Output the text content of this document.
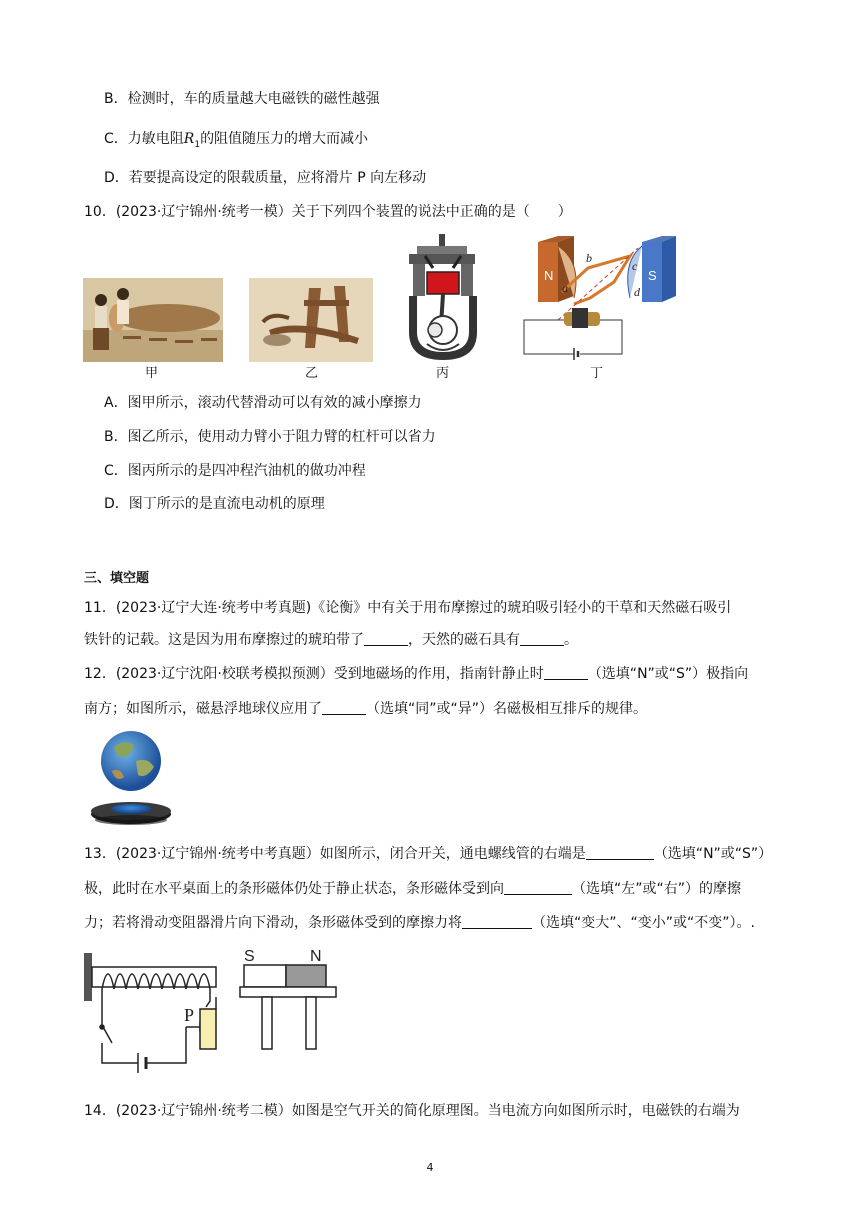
B．检测时，车的质量越大电磁铁的磁性越强
C．力敏电阻$R_1$的阻值随压力的增大而减小
D．若要提高设定的限载质量，应将滑片 P 向左移动
10．(2023·辽宁锦州·统考一模）关于下列四个装置的说法中正确的是（　　）
甲	乙	丙
N	S
a
b
c
d
丁
A．图甲所示，滚动代替滑动可以有效的减小摩擦力
B．图乙所示，使用动力臂小于阻力臂的杠杆可以省力
C．图丙所示的是四冲程汽油机的做功冲程
D．图丁所示的是直流电动机的原理
三、填空题
11．(2023·辽宁大连·统考中考真题)《论衡》中有关于用布摩擦过的琥珀吸引轻小的干草和天然磁石吸引
铁针的记载。这是因为用布摩擦过的琥珀带了	，天然的磁石具有	。
12．(2023·辽宁沈阳·校联考模拟预测）受到地磁场的作用，指南针静止时	（选填“N”或“S”）极指向
南方；如图所示，磁悬浮地球仪应用了	（选填“同”或“异”）名磁极相互排斥的规律。
13．(2023·辽宁锦州·统考中考真题）如图所示，闭合开关，通电螺线管的右端是	（选填“N”或“S”）
极，此时在水平桌面上的条形磁体仍处于静止状态，条形磁体受到向	（选填“左”或“右”）的摩擦
力；若将滑动变阻器滑片向下滑动，条形磁体受到的摩擦力将	（选填“变大”、“变小”或“不变”）。.
P
S	N
14．(2023·辽宁锦州·统考二模）如图是空气开关的简化原理图。当电流方向如图所示时，电磁铁的右端为
4
